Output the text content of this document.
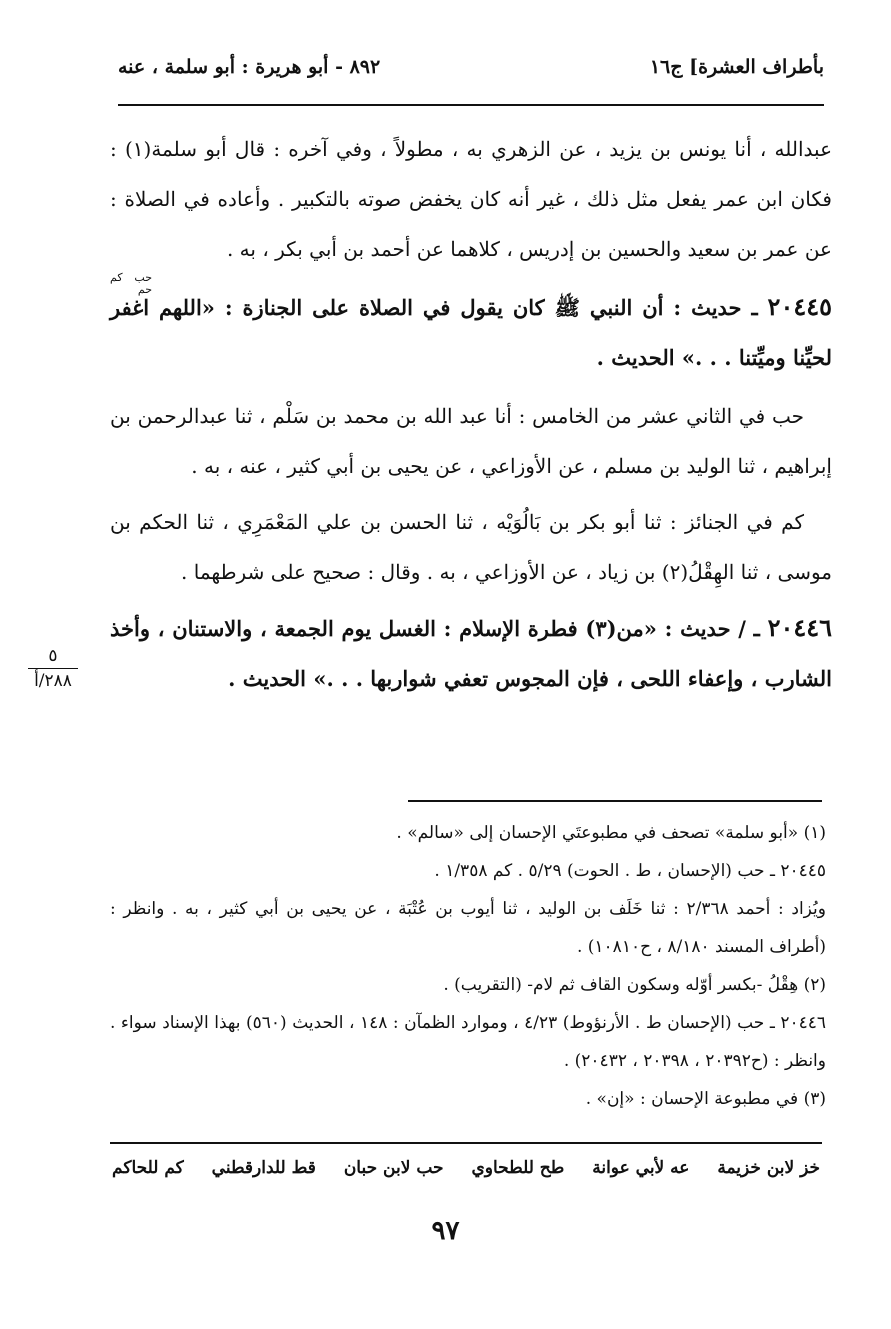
بأطراف العشرة] ج١٦
٨٩٢ - أبو هريرة : أبو سلمة ، عنه

عبدالله ، أنا يونس بن يزيد ، عن الزهري به ، مطولاً ، وفي آخره : قال أبو سلمة(١) : فكان ابن عمر يفعل مثل ذلك ، غير أنه كان يخفض صوته بالتكبير . وأعاده في الصلاة : عن عمر بن سعيد والحسين بن إدريس ، كلاهما عن أحمد بن أبي بكر ، به .

حب كم حم
٢٠٤٤٥ ـ حديث : أن النبي ﷺ كان يقول في الصلاة على الجنازة : «اللهم اغفر لحيِّنا وميِّتنا . . .» الحديث .

حب في الثاني عشر من الخامس : أنا عبد الله بن محمد بن سَلْم ، ثنا عبدالرحمن بن إبراهيم ، ثنا الوليد بن مسلم ، عن الأوزاعي ، عن يحيى بن أبي كثير ، عنه ، به .

كم في الجنائز : ثنا أبو بكر بن بَالُوَيْه ، ثنا الحسن بن علي المَعْمَرِي ، ثنا الحكم بن موسى ، ثنا الهِقْلُ(٢) بن زياد ، عن الأوزاعي ، به . وقال : صحيح على شرطهما .

٢٠٤٤٦ ـ / حديث : «من(٣) فطرة الإسلام : الغسل يوم الجمعة ، والاستنان ، وأخذ الشارب ، وإعفاء اللحى ، فإن المجوس تعفي شواربها . . .» الحديث .

٥
٢٨٨/أ

(١) «أبو سلمة» تصحف في مطبوعتَي الإحسان إلى «سالم» .

٢٠٤٤٥ ـ حب (الإحسان ، ط . الحوت) ٥/٢٩ . كم ١/٣٥٨ .

ويُزاد : أحمد ٢/٣٦٨ : ثنا خَلَف بن الوليد ، ثنا أيوب بن عُتْبَة ، عن يحيى بن أبي كثير ، به . وانظر : (أطراف المسند ٨/١٨٠ ، ح١٠٨١٠) .

(٢) هِقْلُ -بكسر أوّله وسكون القاف ثم لام- (التقريب) .

٢٠٤٤٦ ـ حب (الإحسان ط . الأرنؤوط) ٤/٢٣ ، وموارد الظمآن : ١٤٨ ، الحديث (٥٦٠) بهذا الإسناد سواء . وانظر : (ح٢٠٣٩٢ ، ٢٠٣٩٨ ، ٢٠٤٣٢) .

(٣) في مطبوعة الإحسان : «إن» .

خز لابن خزيمة
عه لأبي عوانة
طح للطحاوي
حب لابن حبان
قط للدارقطني
كم للحاكم
٩٧
